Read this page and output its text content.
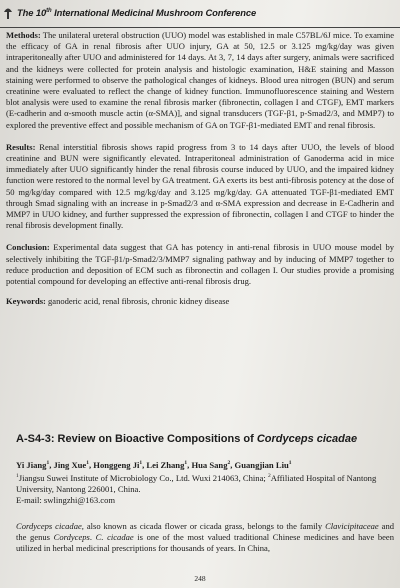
The 10th International Medicinal Mushroom Conference

Methods: The unilateral ureteral obstruction (UUO) model was established in male C57BL/6J mice. To examine the efficacy of GA in renal fibrosis after UUO injury, GA at 50, 12.5 or 3.125 mg/kg/day was given intraperitoneally after UUO and administered for 14 days. At 3, 7, 14 days after surgery, animals were sacrificed and the kidneys were collected for protein analysis and histologic examination, H&E staining and Masson staining were performed to observe the pathological changes of kidneys. Blood urea nitrogen (BUN) and serum creatinine were evaluated to reflect the change of kidney function. Immunofluorescence staining and Western blot analysis were used to examine the renal fibrosis marker (fibronectin, collagen I and CTGF), EMT markers (E-cadherin and α-smooth muscle actin (α-SMA)], and signal transducers (TGF-β1, p-Smad2/3, and MMP7) to explored the preventive effect and possible mechanism of GA on TGF-β1-mediated EMT and renal fibrosis.

Results: Renal interstitial fibrosis shows rapid progress from 3 to 14 days after UUO, the levels of blood creatinine and BUN were significantly elevated. Intraperitoneal administration of Ganoderma acid in mice immediately after UUO significantly hinder the renal fibrosis course induced by UUO, and the impaired kidney function were restored to the normal level by GA treatment. GA exerts its best anti-fibrosis potency at the dose of 50 mg/kg/day compared with 12.5 mg/kg/day and 3.125 mg/kg/day. GA attenuated TGF-β1-mediated EMT through Smad signaling with an increase in p-Smad2/3 and α-SMA expression and decrease in E-Cadherin and MMP7 in UUO kidney, and further suppressed the expression of fibronectin, collagen I and CTGF to hinder the renal fibrosis development finally.

Conclusion: Experimental data suggest that GA has potency in anti-renal fibrosis in UUO mouse model by selectively inhibiting the TGF-β1/p-Smad2/3/MMP7 signaling pathway and by inducing of MMP7 together to reduce production and deposition of ECM such as fibronectin and collagen I. Our studies provide a promising potential compound for developing an effective anti-renal fibrosis drug.

Keywords: ganoderic acid, renal fibrosis, chronic kidney disease

A-S4-3: Review on Bioactive Compositions of Cordyceps cicadae
Yi Jiang$^1$, Jing Xue$^1$, Honggeng Ji$^1$, Lei Zhang$^1$, Hua Sang$^2$, Guangjian Liu$^1$
$^1$Jiangsu Suwei Institute of Microbiology Co., Ltd. Wuxi 214063, China; $^2$Affiliated Hospital of Nantong University, Nantong 226001, China.
E-mail: swlingzhi@163.com

Cordyceps cicadae, also known as cicada flower or cicada grass, belongs to the family Clavicipitaceae and the genus Cordyceps. C. cicadae is one of the most valued traditional Chinese medicines and have been utilized in herbal medicinal prescriptions for thousands of years. In China,

248
